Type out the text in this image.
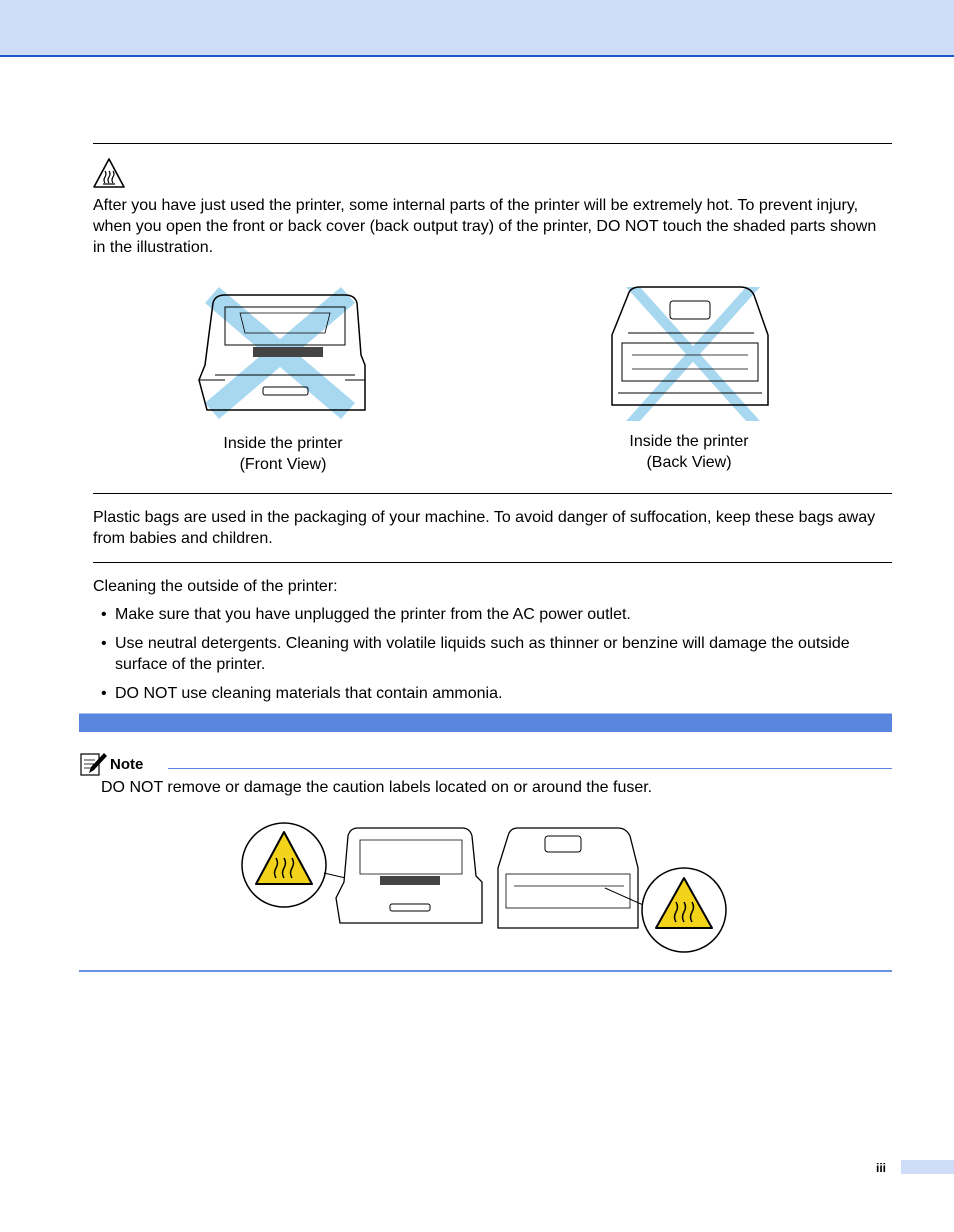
After you have just used the printer, some internal parts of the printer will be extremely hot. To prevent injury, when you open the front or back cover (back output tray) of the printer, DO NOT touch the shaded parts shown in the illustration.

Inside the printer
(Front View)
Inside the printer
(Back View)

Plastic bags are used in the packaging of your machine. To avoid danger of suffocation, keep these bags away from babies and children.

Cleaning the outside of the printer:

• Make sure that you have unplugged the printer from the AC power outlet.
• Use neutral detergents. Cleaning with volatile liquids such as thinner or benzine will damage the outside surface of the printer.
• DO NOT use cleaning materials that contain ammonia.
Note

DO NOT remove or damage the caution labels located on or around the fuser.

iii
